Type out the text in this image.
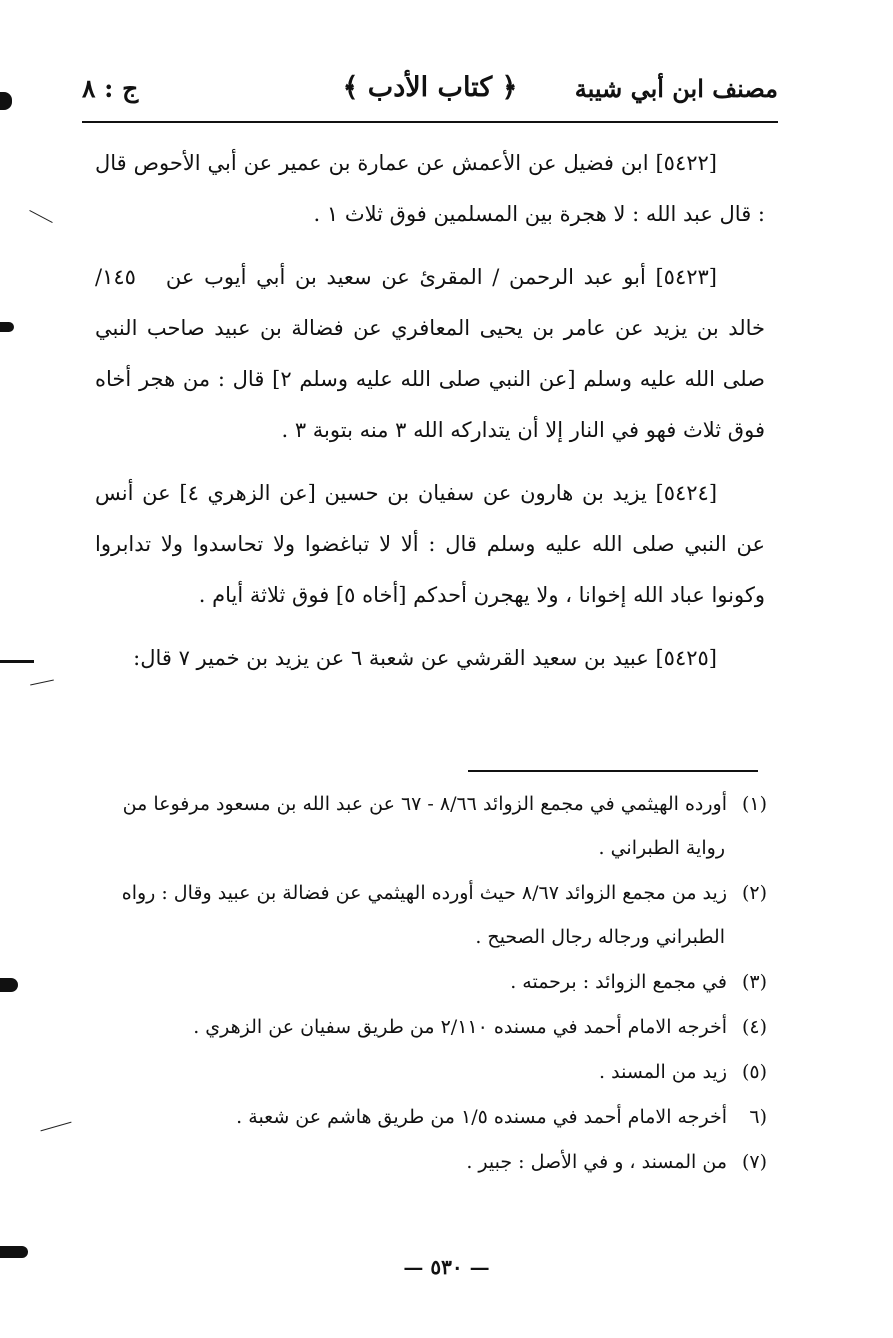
مصنف ابن أبي شيبة
﴿ كتاب الأدب ﴾
ج : ٨

[٥٤٢٢] ابن فضيل عن الأعمش عن عمارة بن عمير عن أبي الأحوص قال : قال عبد الله : لا هجرة بين المسلمين فوق ثلاث ١ .

١٤٥/ [٥٤٢٣] أبو عبد الرحمن / المقرئ عن سعيد بن أبي أيوب عن خالد بن يزيد عن عامر بن يحيى المعافري عن فضالة بن عبيد صاحب النبي صلى الله عليه وسلم [عن النبي صلى الله عليه وسلم ٢] قال : من هجر أخاه فوق ثلاث فهو في النار إلا أن يتداركه الله ٣ منه بتوبة ٣ .

[٥٤٢٤] يزيد بن هارون عن سفيان بن حسين [عن الزهري ٤] عن أنس عن النبي صلى الله عليه وسلم قال : ألا لا تباغضوا ولا تحاسدوا ولا تدابروا وكونوا عباد الله إخوانا ، ولا يهجرن أحدكم [أخاه ٥] فوق ثلاثة أيام .

[٥٤٢٥] عبيد بن سعيد القرشي عن شعبة ٦ عن يزيد بن خمير ٧ قال:

(١)أورده الهيثمي في مجمع الزوائد ٨/٦٦ - ٦٧ عن عبد الله بن مسعود مرفوعا من رواية الطبراني .

(٢)زيد من مجمع الزوائد ٨/٦٧ حيث أورده الهيثمي عن فضالة بن عبيد وقال : رواه الطبراني ورجاله رجال الصحيح .

(٣)في مجمع الزوائد : برحمته .

(٤)أخرجه الامام أحمد في مسنده ٢/١١٠ من طريق سفيان عن الزهري .

(٥)زيد من المسند .

(٦أخرجه الامام أحمد في مسنده ١/٥ من طريق هاشم عن شعبة .

(٧)من المسند ، و في الأصل : جبير .

— ٥٣٠ —
